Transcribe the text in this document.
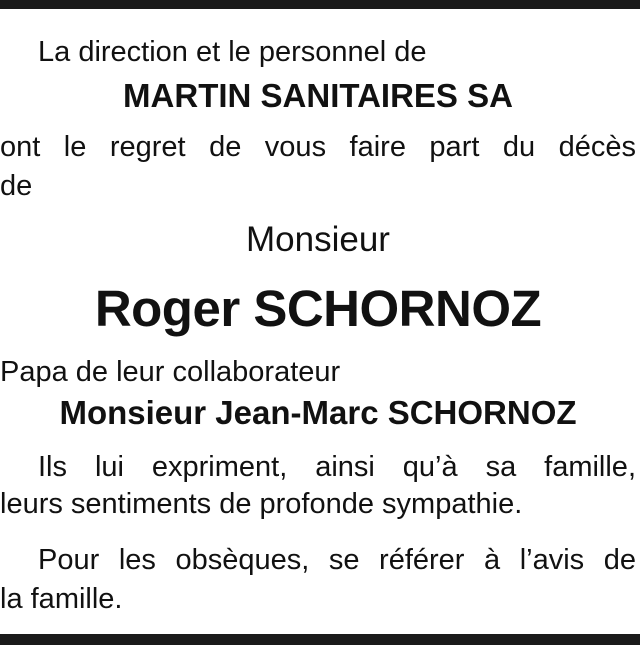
La direction et le personnel de
MARTIN SANITAIRES SA
ont le regret de vous faire part du décès
de
Monsieur
Roger SCHORNOZ
Papa de leur collaborateur
Monsieur Jean-Marc SCHORNOZ
Ils lui expriment, ainsi qu’à sa famille,
leurs sentiments de profonde sympathie.
Pour les obsèques, se référer à l’avis de
la famille.
